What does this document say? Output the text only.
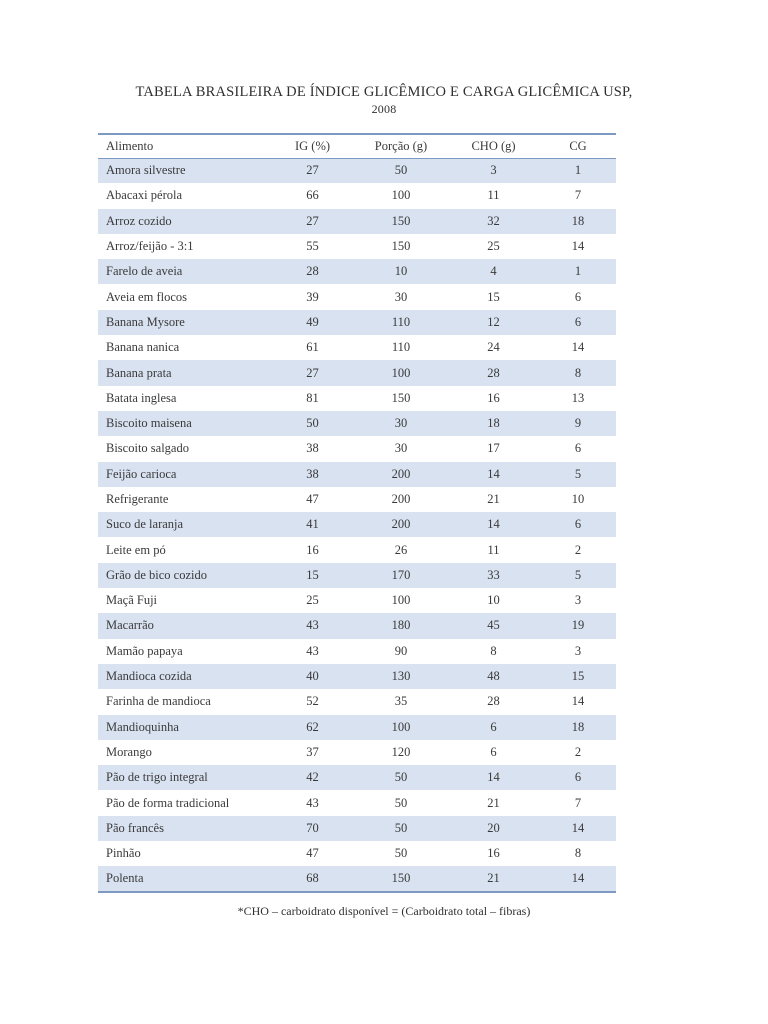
TABELA BRASILEIRA DE ÍNDICE GLICÊMICO E CARGA GLICÊMICA USP,
2008
Alimento	IG (%)	Porção (g)	CHO (g)	CG
Amora silvestre	27	50	3	1
Abacaxi pérola	66	100	11	7
Arroz cozido	27	150	32	18
Arroz/feijão - 3:1	55	150	25	14
Farelo de aveia	28	10	4	1
Aveia em flocos	39	30	15	6
Banana Mysore	49	110	12	6
Banana nanica	61	110	24	14
Banana prata	27	100	28	8
Batata inglesa	81	150	16	13
Biscoito maisena	50	30	18	9
Biscoito salgado	38	30	17	6
Feijão carioca	38	200	14	5
Refrigerante	47	200	21	10
Suco de laranja	41	200	14	6
Leite em pó	16	26	11	2
Grão de bico cozido	15	170	33	5
Maçã Fuji	25	100	10	3
Macarrão	43	180	45	19
Mamão papaya	43	90	8	3
Mandioca cozida	40	130	48	15
Farinha de mandioca	52	35	28	14
Mandioquinha	62	100	6	18
Morango	37	120	6	2
Pão de trigo integral	42	50	14	6
Pão de forma tradicional	43	50	21	7
Pão francês	70	50	20	14
Pinhão	47	50	16	8
Polenta	68	150	21	14
*CHO – carboidrato disponível = (Carboidrato total – fibras)
